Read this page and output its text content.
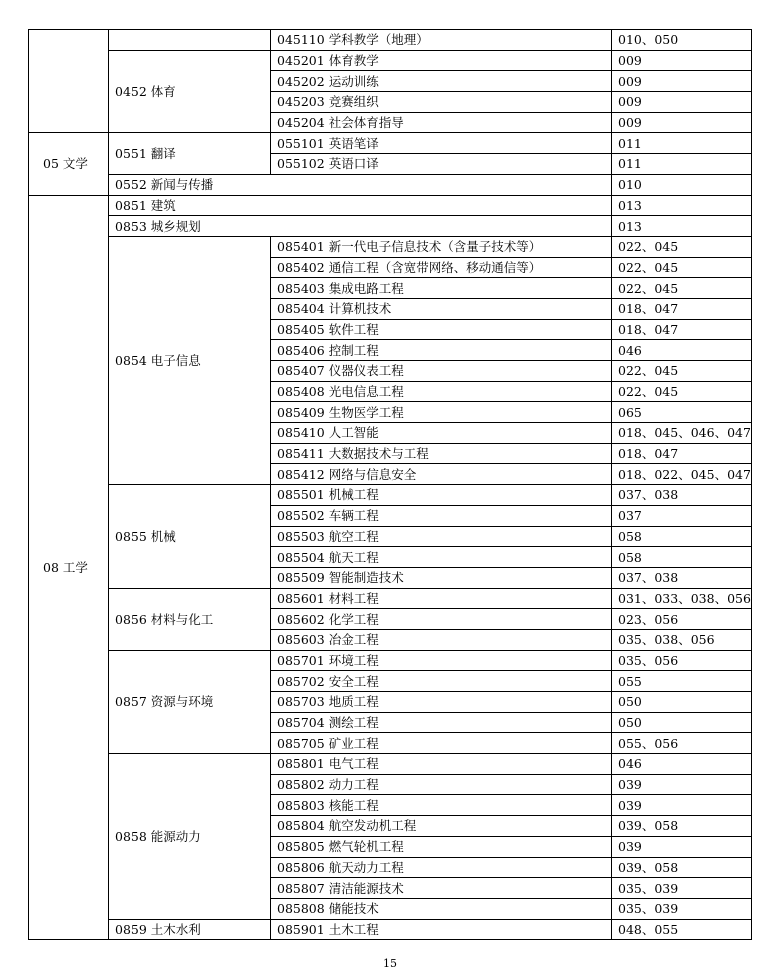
		045110 学科教学（地理）	010、050
	0452 体育	045201 体育教学	009
		045202 运动训练	009
		045203 竞赛组织	009
		045204 社会体育指导	009
05 文学	0551 翻译	055101 英语笔译	011
		055102 英语口译	011
	0552 新闻与传播		010
08 工学	0851 建筑		013
	0853 城乡规划		013
	0854 电子信息	085401 新一代电子信息技术（含量子技术等）	022、045
		085402 通信工程（含宽带网络、移动通信等）	022、045
		085403 集成电路工程	022、045
		085404 计算机技术	018、047
		085405 软件工程	018、047
		085406 控制工程	046
		085407 仪器仪表工程	022、045
		085408 光电信息工程	022、045
		085409 生物医学工程	065
		085410 人工智能	018、045、046、047
		085411 大数据技术与工程	018、047
		085412 网络与信息安全	018、022、045、047
	0855 机械	085501 机械工程	037、038
		085502 车辆工程	037
		085503 航空工程	058
		085504 航天工程	058
		085509 智能制造技术	037、038
	0856 材料与化工	085601 材料工程	031、033、038、056
		085602 化学工程	023、056
		085603 冶金工程	035、038、056
	0857 资源与环境	085701 环境工程	035、056
		085702 安全工程	055
		085703 地质工程	050
		085704 测绘工程	050
		085705 矿业工程	055、056
	0858 能源动力	085801 电气工程	046
		085802 动力工程	039
		085803 核能工程	039
		085804 航空发动机工程	039、058
		085805 燃气轮机工程	039
		085806 航天动力工程	039、058
		085807 清洁能源技术	035、039
		085808 储能技术	035、039
	0859 土木水利	085901 土木工程	048、055
15
